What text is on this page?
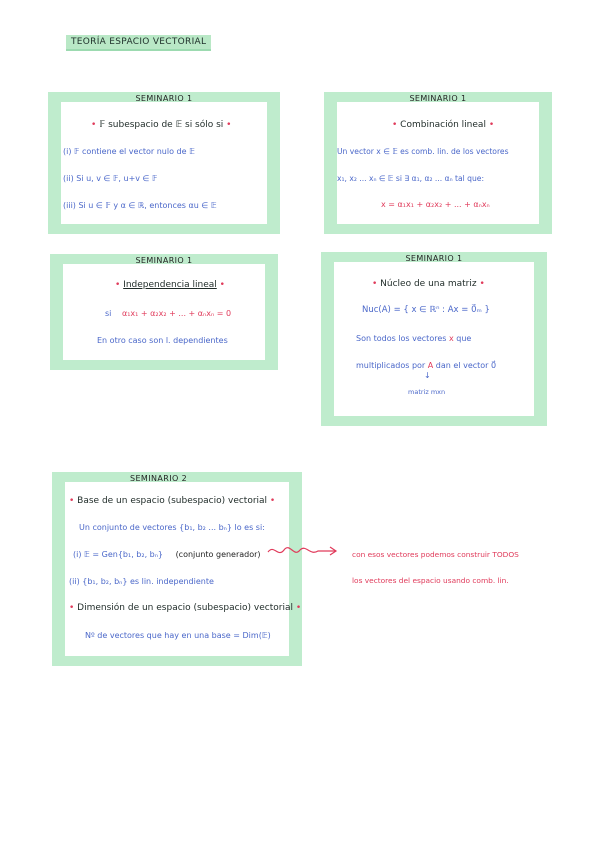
TEORÍA ESPACIO VECTORIAL
SEMINARIO 1
• 𝔽 subespacio de 𝔼 si sólo si •
(i) 𝔽 contiene el vector nulo de 𝔼
(ii) Si u, v ∈ 𝔽, u+v ∈ 𝔽
(iii) Si u ∈ 𝔽 y α ∈ ℝ, entonces αu ∈ 𝔼
SEMINARIO 1
• Combinación lineal •
Un vector x ∈ 𝔼 es comb. lin. de los vectores
x₁, x₂ ... xₙ ∈ 𝔼 si ∃ α₁, α₂ ... αₙ tal que:
x = α₁x₁ + α₂x₂ + ... + αₙxₙ
SEMINARIO 1
• Independencia lineal •
si α₁x₁ + α₂x₂ + ... + αₙxₙ = 0
En otro caso son l. dependientes
SEMINARIO 1
• Núcleo de una matriz •
Nuc(A) = { x ∈ ℝⁿ : Ax = 0⃗ₘ }
Son todos los vectores x que
multiplicados por A dan el vector 0⃗
↓
matriz mxn
SEMINARIO 2
• Base de un espacio (subespacio) vectorial •
Un conjunto de vectores {b₁, b₂ ... bₙ} lo es si:
(i) 𝔼 = Gen{b₁, b₂, bₙ} (conjunto generador)
(ii) {b₁, b₂, bₙ} es lin. independiente
• Dimensión de un espacio (subespacio) vectorial •
Nº de vectores que hay en una base = Dim(𝔼)
con esos vectores podemos construir TODOS
los vectores del espacio usando comb. lin.
